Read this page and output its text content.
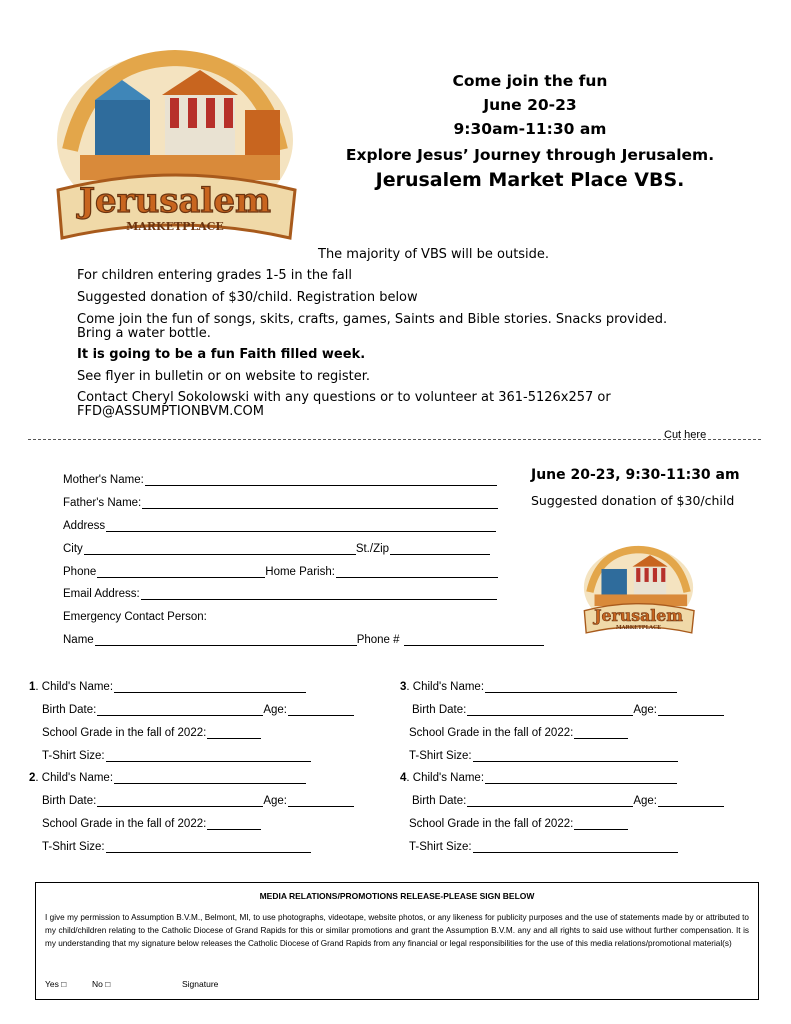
Jerusalem
MARKETPLACE
Come join the fun
June 20-23
9:30am-11:30 am
Explore Jesus’ Journey through Jerusalem.
Jerusalem Market Place VBS.
The majority of VBS will be outside.
For children entering grades 1-5 in the fall
Suggested donation of $30/child. Registration below
Come join the fun of songs, skits, crafts, games, Saints and Bible stories. Snacks provided.
Bring a water bottle.
It is going to be a fun Faith filled week.
See flyer in bulletin or on website to register.
Contact Cheryl Sokolowski with any questions or to volunteer at 361-5126x257 or
FFD@ASSUMPTIONBVM.COM
Cut here
June 20-23, 9:30-11:30 am
Suggested donation of $30/child
Jerusalem
MARKETPLACE
Mother's Name:
Father's Name:
Address
City	St./Zip
Phone	Home Parish:
Email Address:
Emergency Contact Person:
Name	Phone #
1 . Child's Name:
Birth Date:	Age:
School Grade in the fall of 2022:
T-Shirt Size:
2 . Child's Name:
Birth Date:	Age:
School Grade in the fall of 2022:
T-Shirt Size:
3 . Child's Name:
Birth Date:	Age:
School Grade in the fall of 2022:
T-Shirt Size:
4 . Child's Name:
Birth Date:	Age:
School Grade in the fall of 2022:
T-Shirt Size:
MEDIA RELATIONS/PROMOTIONS RELEASE-PLEASE SIGN BELOW
I give my permission to Assumption B.V.M., Belmont, MI, to use photographs, videotape, website photos, or any likeness for publicity purposes and the use of statements made by or attributed to my child/children relating to the Catholic Diocese of Grand Rapids for this or similar promotions and grant the Assumption B.V.M. any and all rights to said use without further compensation. It is my understanding that my signature below releases the Catholic Diocese of Grand Rapids from any financial or legal responsibilities for the use of this media relations/promotional material(s)
Yes □	No □	Signature
